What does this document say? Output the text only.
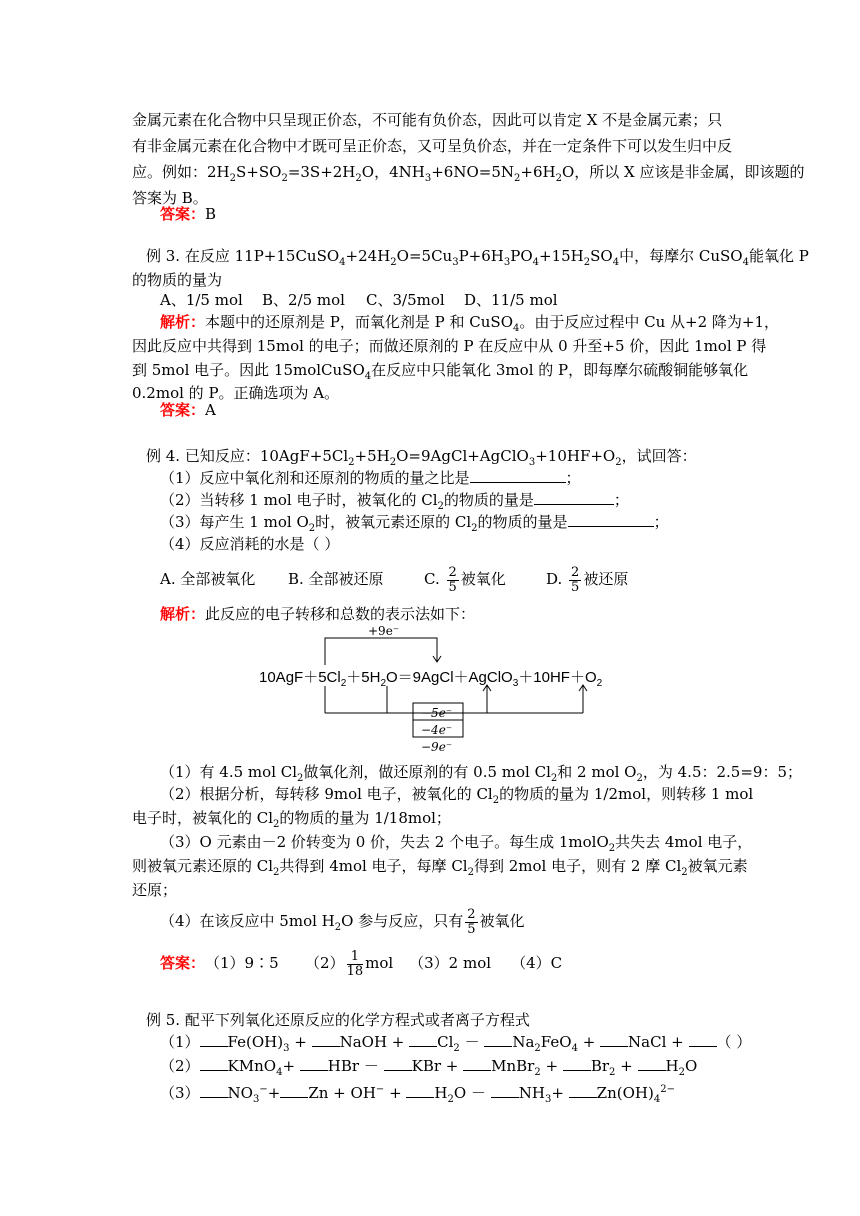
金属元素在化合物中只呈现正价态，不可能有负价态，因此可以肯定 X 不是金属元素；只
有非金属元素在化合物中才既可呈正价态，又可呈负价态，并在一定条件下可以发生归中反
应。例如：$2H_2S+SO_2=3S+2H_2O$，$4NH_3+6NO=5N_2+6H_2O$，所以 X 应该是非金属，即该题的
答案为 B。
答案：B
例 3. 在反应 $11P+15CuSO_4+24H_2O=5Cu_3P+6H_3PO_4+15H_2SO_4$中，每摩尔 CuSO$_4$能氧化 P
的物质的量为
A、1/5 mol B、2/5 mol C、3/5mol D、11/5 mol
解析：本题中的还原剂是 P，而氧化剂是 P 和 CuSO$_4$。由于反应过程中 Cu 从+2 降为+1，
因此反应中共得到 15mol 的电子；而做还原剂的 P 在反应中从 0 升至+5 价，因此 1mol P 得
到 5mol 电子。因此 15molCuSO$_4$在反应中只能氧化 3mol 的 P，即每摩尔硫酸铜能够氧化
0.2mol 的 P。正确选项为 A。
答案：A
例 4. 已知反应：$10AgF+5Cl_2+5H_2O=9AgCl+AgClO_3+10HF+O_2$，试回答：
（1）反应中氧化剂和还原剂的物质的量之比是	；
（2）当转移 1 mol 电子时，被氧化的 $Cl_2$的物质的量是	；
（3）每产生 1 mol $O_2$时，被氧元素还原的 $Cl_2$的物质的量是	；
（4）反应消耗的水是（ ）
A. 全部被氧化 B. 全部被还原	C. $\frac{2}{5}$ 被氧化	D. $\frac{2}{5}$ 被还原
解析：此反应的电子转移和总数的表示法如下：
+9e⁻
$10AgF+5Cl_2+5H_2O=9AgCl+AgClO_3+10HF+O_2$
−5e⁻
−4e⁻
−9e⁻
（1）有 4.5 mol $Cl_2$做氧化剂，做还原剂的有 0.5 mol $Cl_2$和 2 mol $O_2$，为 4.5：2.5=9：5；
（2）根据分析，每转移 9mol 电子，被氧化的 $Cl_2$的物质的量为 1/2mol，则转移 1 mol
电子时，被氧化的 $Cl_2$的物质的量为 1/18mol；
（3）O 元素由－2 价转变为 0 价，失去 2 个电子。每生成 1molO$_2$共失去 4mol 电子，
则被氧元素还原的 $Cl_2$共得到 4mol 电子，每摩 $Cl_2$得到 2mol 电子，则有 2 摩 $Cl_2$被氧元素
还原；
（4）在该反应中 5mol $H_2O$ 参与反应，只有 $\frac{2}{5}$ 被氧化
答案：（1）9∶5 $(2) \frac{1}{18}$ mol （3）2 mol （4）C
例 5. 配平下列氧化还原反应的化学方程式或者离子方程式
（1） $Fe(OH)_3$ + NaOH + $Cl_2 - Na_2FeO_4$ + NaCl + （ ）
（2） KMnO$_4$+ HBr － KBr + MnBr$_2$ + $Br_2 + H_2O$
（3） $NO_3^-+ Zn + OH^- + H_2O - NH_3+ Zn(OH)_4^{2-}$
